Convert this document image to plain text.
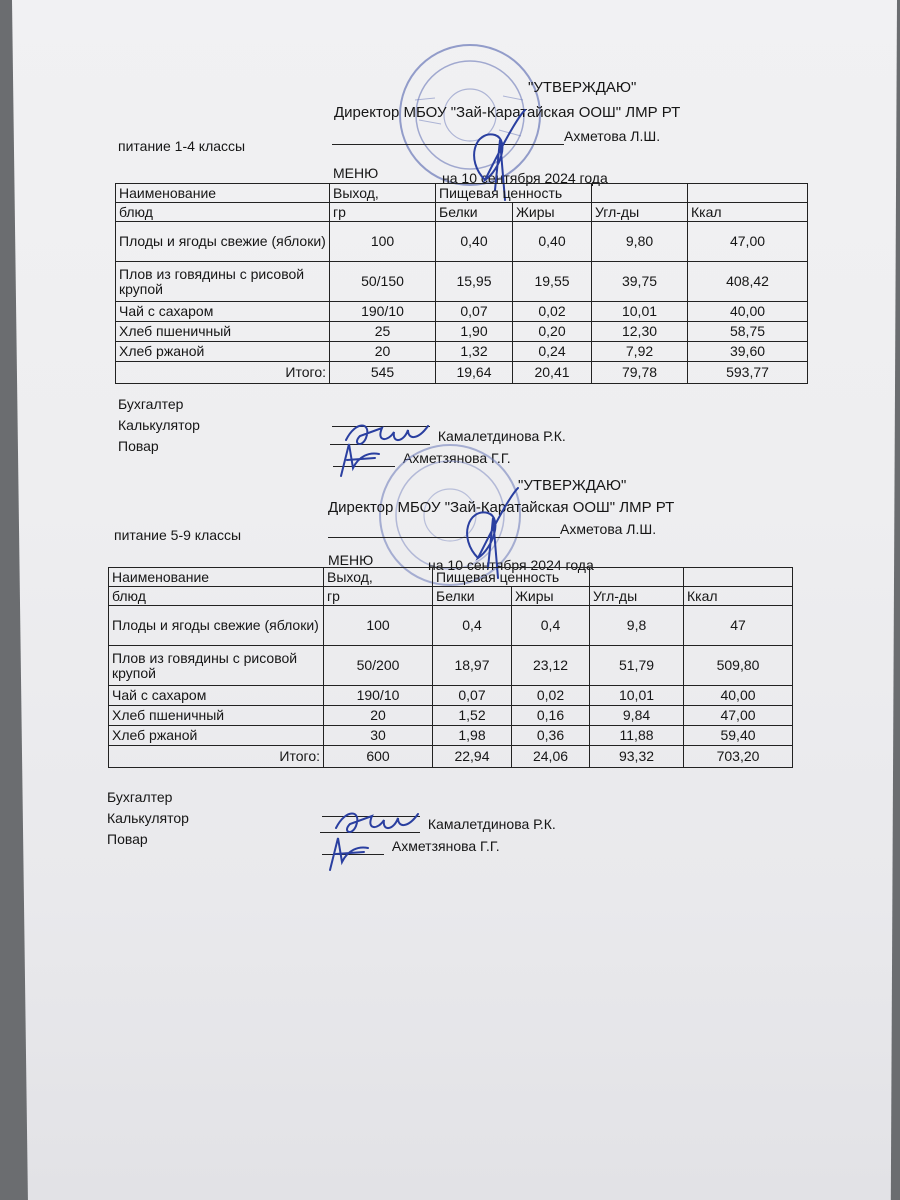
"УТВЕРЖДАЮ"
Директор МБОУ "Зай-Каратайская ООШ" ЛМР РТ
Ахметова Л.Ш.
питание 1-4 классы
МЕНЮ	на 10 сентября 2024 года
Наименование	Выход,	Пищевая ценность			
блюд	гр	Белки	Жиры	Угл-ды	Ккал
Плоды и ягоды свежие (яблоки)	100	0,40	0,40	9,80	47,00
Плов из говядины с рисовой крупой	50/150	15,95	19,55	39,75	408,42
Чай с сахаром	190/10	0,07	0,02	10,01	40,00
Хлеб пшеничный	25	1,90	0,20	12,30	58,75
Хлеб ржаной	20	1,32	0,24	7,92	39,60
Итого:	545	19,64	20,41	79,78	593,77
Бухгалтер
Калькулятор
Повар

Камалетдинова Р.К.
Ахметзянова Г.Г.
"УТВЕРЖДАЮ"
Директор МБОУ "Зай-Каратайская ООШ" ЛМР РТ
Ахметова Л.Ш.
питание 5-9 классы
МЕНЮ	на 10 сентября 2024 года
Наименование	Выход,	Пищевая ценность			
блюд	гр	Белки	Жиры	Угл-ды	Ккал
Плоды и ягоды свежие (яблоки)	100	0,4	0,4	9,8	47
Плов из говядины с рисовой крупой	50/200	18,97	23,12	51,79	509,80
Чай с сахаром	190/10	0,07	0,02	10,01	40,00
Хлеб пшеничный	20	1,52	0,16	9,84	47,00
Хлеб ржаной	30	1,98	0,36	11,88	59,40
Итого:	600	22,94	24,06	93,32	703,20
Бухгалтер
Калькулятор
Повар

Камалетдинова Р.К.
Ахметзянова Г.Г.
